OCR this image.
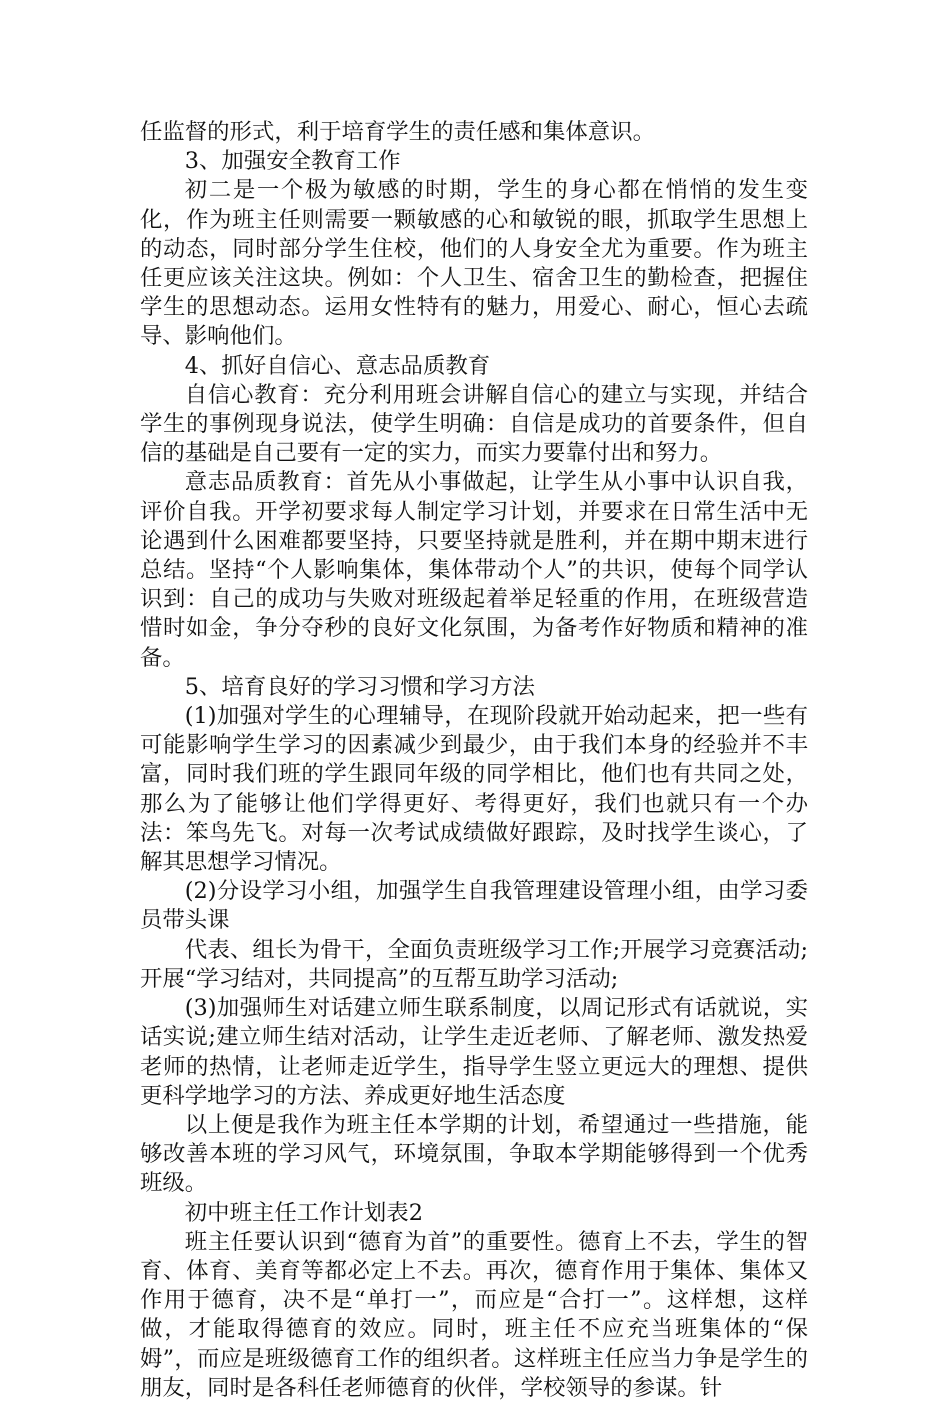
任监督的形式，利于培育学生的责任感和集体意识。

3、加强安全教育工作

初二是一个极为敏感的时期，学生的身心都在悄悄的发生变化，作为班主任则需要一颗敏感的心和敏锐的眼，抓取学生思想上的动态，同时部分学生住校，他们的人身安全尤为重要。作为班主任更应该关注这块。例如：个人卫生、宿舍卫生的勤检查，把握住学生的思想动态。运用女性特有的魅力，用爱心、耐心，恒心去疏导、影响他们。

4、抓好自信心、意志品质教育

自信心教育：充分利用班会讲解自信心的建立与实现，并结合学生的事例现身说法，使学生明确：自信是成功的首要条件，但自信的基础是自己要有一定的实力，而实力要靠付出和努力。

意志品质教育：首先从小事做起，让学生从小事中认识自我，评价自我。开学初要求每人制定学习计划，并要求在日常生活中无论遇到什么困难都要坚持，只要坚持就是胜利，并在期中期末进行总结。坚持“个人影响集体，集体带动个人”的共识，使每个同学认识到：自己的成功与失败对班级起着举足轻重的作用，在班级营造惜时如金，争分夺秒的良好文化氛围，为备考作好物质和精神的准备。

5、培育良好的学习习惯和学习方法

(1)加强对学生的心理辅导，在现阶段就开始动起来，把一些有可能影响学生学习的因素减少到最少，由于我们本身的经验并不丰富，同时我们班的学生跟同年级的同学相比，他们也有共同之处，那么为了能够让他们学得更好、考得更好，我们也就只有一个办法：笨鸟先飞。对每一次考试成绩做好跟踪，及时找学生谈心，了解其思想学习情况。

(2)分设学习小组，加强学生自我管理建设管理小组，由学习委员带头课

代表、组长为骨干，全面负责班级学习工作;开展学习竞赛活动;开展“学习结对，共同提高”的互帮互助学习活动;

(3)加强师生对话建立师生联系制度，以周记形式有话就说，实话实说;建立师生结对活动，让学生走近老师、了解老师、激发热爱老师的热情，让老师走近学生，指导学生竖立更远大的理想、提供更科学地学习的方法、养成更好地生活态度

以上便是我作为班主任本学期的计划，希望通过一些措施，能够改善本班的学习风气，环境氛围，争取本学期能够得到一个优秀班级。

初中班主任工作计划表2

班主任要认识到“德育为首”的重要性。德育上不去，学生的智育、体育、美育等都必定上不去。再次，德育作用于集体、集体又作用于德育，决不是“单打一”，而应是“合打一”。这样想，这样做，才能取得德育的效应。同时，班主任不应充当班集体的“保姆”，而应是班级德育工作的组织者。这样班主任应当力争是学生的朋友，同时是各科任老师德育的伙伴，学校领导的参谋。针
